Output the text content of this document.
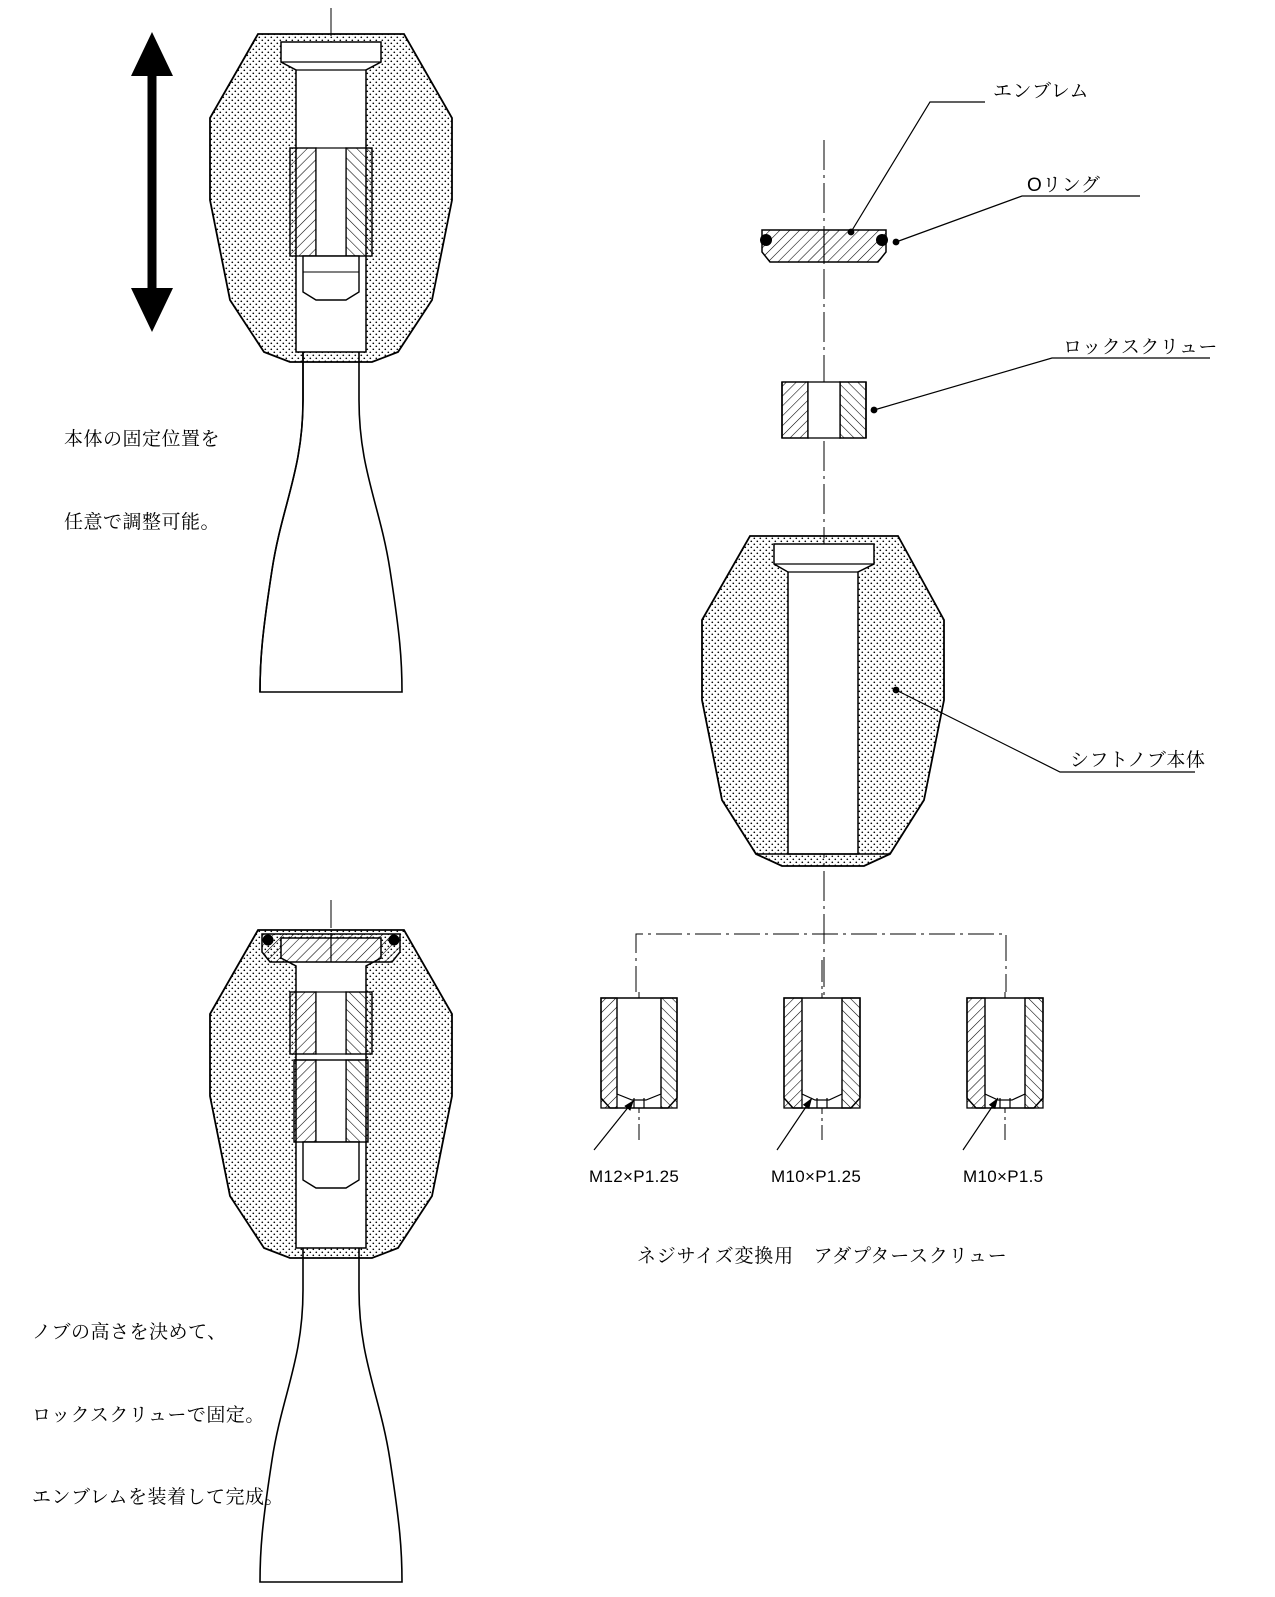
エンブレム
Oリング
ロックスクリュー
シフトノブ本体

本体の固定位置を

任意で調整可能。

ノブの高さを決めて、

ロックスクリューで固定。

エンブレムを装着して完成。

M12×P1.25	M10×P1.25	M10×P1.5
ネジサイズ変換用　アダプタースクリュー
